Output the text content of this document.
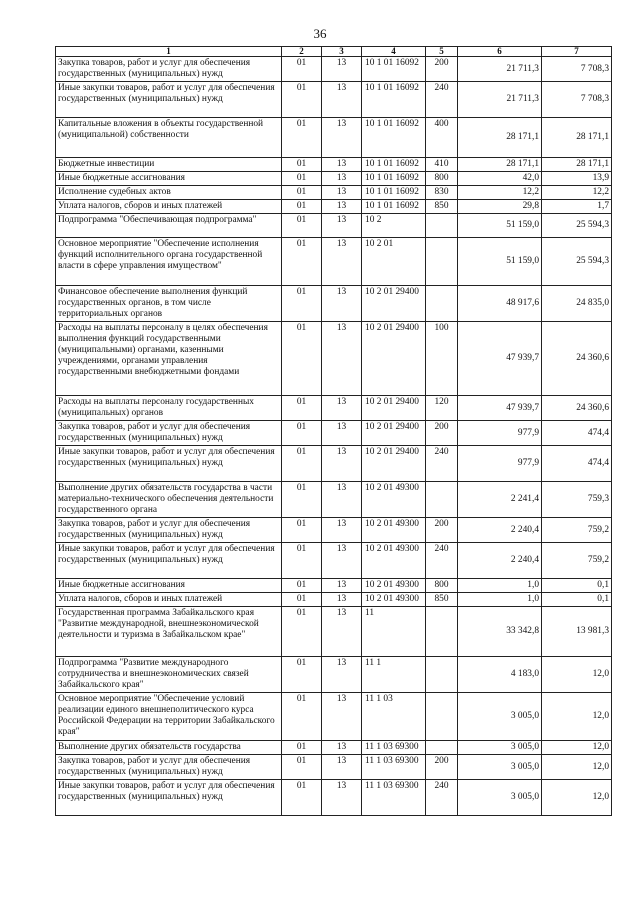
36
1	2	3	4	5	6	7
Закупка товаров, работ и услуг для обеспечения государственных (муниципальных) нужд	01	13	10 1 01 16092	200	21 711,3	7 708,3
Иные закупки товаров, работ и услуг для обеспечения государственных (муниципальных) нужд	01	13	10 1 01 16092	240	21 711,3	7 708,3
Капитальные вложения в объекты государственной (муниципальной) собственности	01	13	10 1 01 16092	400	28 171,1	28 171,1
Бюджетные инвестиции	01	13	10 1 01 16092	410	28 171,1	28 171,1
Иные бюджетные ассигнования	01	13	10 1 01 16092	800	42,0	13,9
Исполнение судебных актов	01	13	10 1 01 16092	830	12,2	12,2
Уплата налогов, сборов и иных платежей	01	13	10 1 01 16092	850	29,8	1,7
Подпрограмма "Обеспечивающая подпрограмма"	01	13	10 2		51 159,0	25 594,3
Основное мероприятие "Обеспечение исполнения функций исполнительного органа государственной власти в сфере управления имуществом"	01	13	10 2 01		51 159,0	25 594,3
Финансовое обеспечение выполнения функций государственных органов, в том числе территориальных органов	01	13	10 2 01 29400		48 917,6	24 835,0
Расходы на выплаты персоналу в целях обеспечения выполнения функций государственными (муниципальными) органами, казенными учреждениями, органами управления государственными внебюджетными фондами	01	13	10 2 01 29400	100	47 939,7	24 360,6
Расходы на выплаты персоналу государственных (муниципальных) органов	01	13	10 2 01 29400	120	47 939,7	24 360,6
Закупка товаров, работ и услуг для обеспечения государственных (муниципальных) нужд	01	13	10 2 01 29400	200	977,9	474,4
Иные закупки товаров, работ и услуг для обеспечения государственных (муниципальных) нужд	01	13	10 2 01 29400	240	977,9	474,4
Выполнение других обязательств государства в части материально-технического обеспечения деятельности государственного органа	01	13	10 2 01 49300		2 241,4	759,3
Закупка товаров, работ и услуг для обеспечения государственных (муниципальных) нужд	01	13	10 2 01 49300	200	2 240,4	759,2
Иные закупки товаров, работ и услуг для обеспечения государственных (муниципальных) нужд	01	13	10 2 01 49300	240	2 240,4	759,2
Иные бюджетные ассигнования	01	13	10 2 01 49300	800	1,0	0,1
Уплата налогов, сборов и иных платежей	01	13	10 2 01 49300	850	1,0	0,1
Государственная программа Забайкальского края "Развитие международной, внешнеэкономической деятельности и туризма в Забайкальском крае"	01	13	11		33 342,8	13 981,3
Подпрограмма "Развитие международного сотрудничества и внешнеэкономических связей Забайкальского края"	01	13	11 1		4 183,0	12,0
Основное мероприятие "Обеспечение условий реализации единого внешнеполитического курса Российской Федерации на территории Забайкальского края"	01	13	11 1 03		3 005,0	12,0
Выполнение других обязательств государства	01	13	11 1 03 69300		3 005,0	12,0
Закупка товаров, работ и услуг для обеспечения государственных (муниципальных) нужд	01	13	11 1 03 69300	200	3 005,0	12,0
Иные закупки товаров, работ и услуг для обеспечения государственных (муниципальных) нужд	01	13	11 1 03 69300	240	3 005,0	12,0
